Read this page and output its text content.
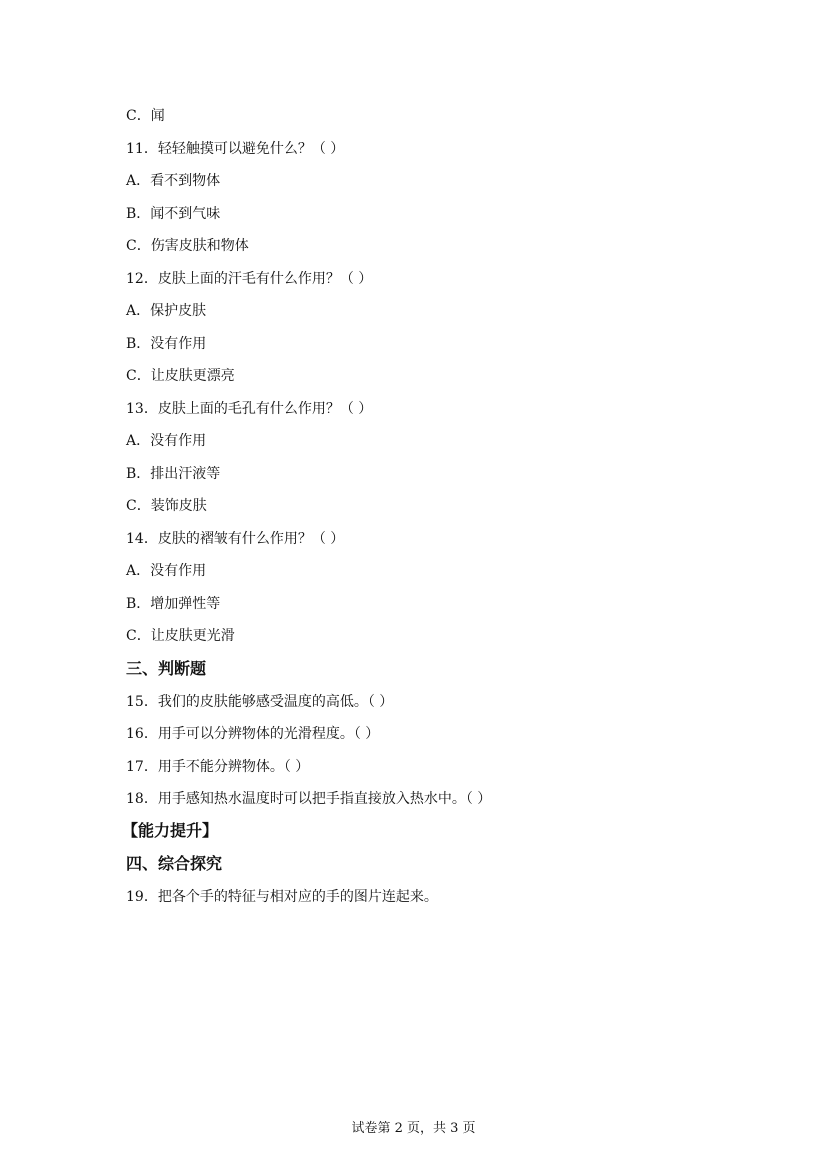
C．闻
11．轻轻触摸可以避免什么？（ ）
A．看不到物体
B．闻不到气味
C．伤害皮肤和物体
12．皮肤上面的汗毛有什么作用？（ ）
A．保护皮肤
B．没有作用
C．让皮肤更漂亮
13．皮肤上面的毛孔有什么作用？（ ）
A．没有作用
B．排出汗液等
C．装饰皮肤
14．皮肤的褶皱有什么作用？（ ）
A．没有作用
B．增加弹性等
C．让皮肤更光滑
三、判断题
15．我们的皮肤能够感受温度的高低。（ ）
16．用手可以分辨物体的光滑程度。（ ）
17．用手不能分辨物体。（ ）
18．用手感知热水温度时可以把手指直接放入热水中。（ ）
【能力提升】
四、综合探究
19．把各个手的特征与相对应的手的图片连起来。
试卷第 2 页，共 3 页
